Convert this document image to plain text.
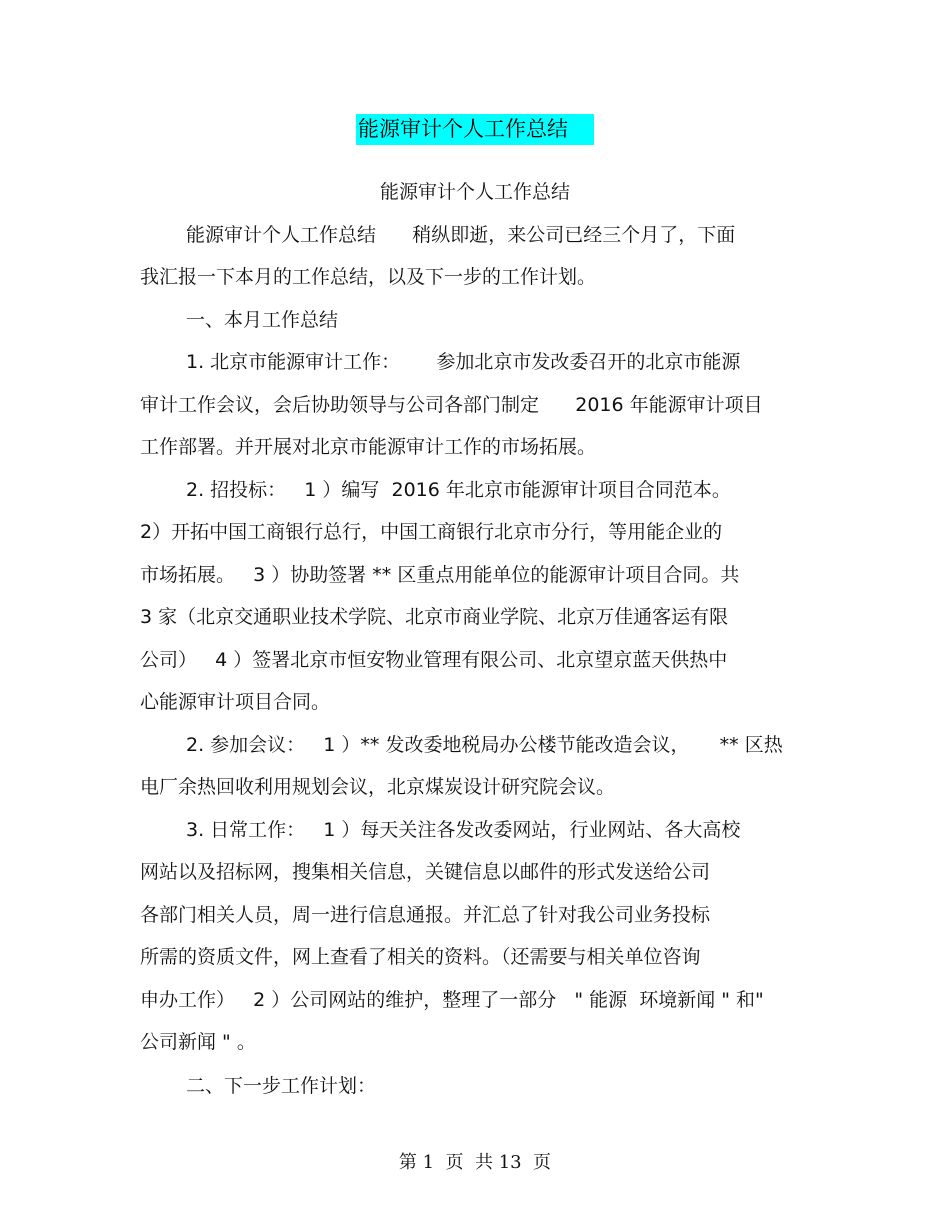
能源审计个人工作总结
能源审计个人工作总结
能源审计个人工作总结      稍纵即逝，来公司已经三个月了，下面
我汇报一下本月的工作总结，以及下一步的工作计划。
一、本月工作总结
1. 北京市能源审计工作：      参加北京市发改委召开的北京市能源
审计工作会议，会后协助领导与公司各部门制定      2016 年能源审计项目
工作部署。并开展对北京市能源审计工作的市场拓展。
2. 招投标：   1 ）编写  2016 年北京市能源审计项目合同范本。
2）开拓中国工商银行总行，中国工商银行北京市分行，等用能企业的
市场拓展。   3 ）协助签署 ** 区重点用能单位的能源审计项目合同。共
3 家（北京交通职业技术学院、北京市商业学院、北京万佳通客运有限
公司）   4 ）签署北京市恒安物业管理有限公司、北京望京蓝天供热中
心能源审计项目合同。
2. 参加会议：   1 ）** 发改委地税局办公楼节能改造会议，     ** 区热
电厂余热回收利用规划会议，北京煤炭设计研究院会议。
3. 日常工作：   1 ）每天关注各发改委网站，行业网站、各大高校
网站以及招标网，搜集相关信息，关键信息以邮件的形式发送给公司
各部门相关人员，周一进行信息通报。并汇总了针对我公司业务投标
所需的资质文件，网上查看了相关的资料。（还需要与相关单位咨询
申办工作）   2 ）公司网站的维护，整理了一部分   " 能源  环境新闻 " 和"
公司新闻 " 。
二、下一步工作计划：
第 1  页  共 13  页
